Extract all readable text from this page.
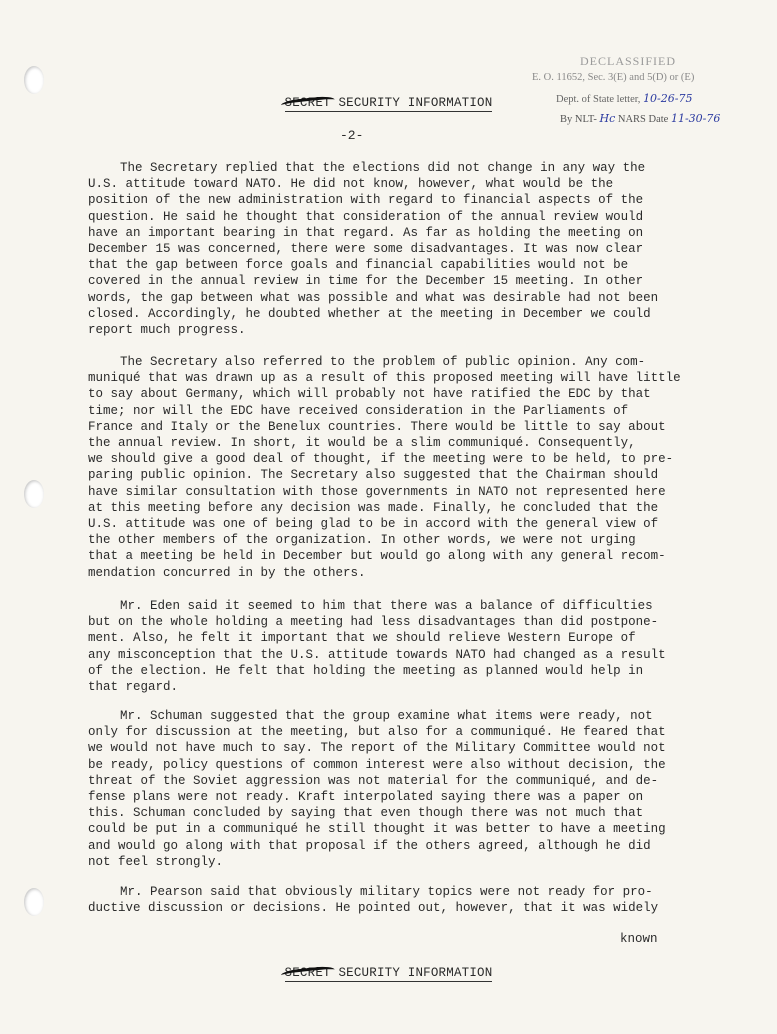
DECLASSIFIED
E. O. 11652, Sec. 3(E) and 5(D) or (E)
Dept. of State letter, 10-26-75
By NLT- Hc NARS Date 11-30-76
SECRET SECURITY INFORMATION
-2-
The Secretary replied that the elections did not change in any way the
U.S. attitude toward NATO. He did not know, however, what would be the
position of the new administration with regard to financial aspects of the
question. He said he thought that consideration of the annual review would
have an important bearing in that regard. As far as holding the meeting on
December 15 was concerned, there were some disadvantages. It was now clear
that the gap between force goals and financial capabilities would not be
covered in the annual review in time for the December 15 meeting. In other
words, the gap between what was possible and what was desirable had not been
closed. Accordingly, he doubted whether at the meeting in December we could
report much progress.
The Secretary also referred to the problem of public opinion. Any com-
muniqué that was drawn up as a result of this proposed meeting will have little
to say about Germany, which will probably not have ratified the EDC by that
time; nor will the EDC have received consideration in the Parliaments of
France and Italy or the Benelux countries. There would be little to say about
the annual review. In short, it would be a slim communiqué. Consequently,
we should give a good deal of thought, if the meeting were to be held, to pre-
paring public opinion. The Secretary also suggested that the Chairman should
have similar consultation with those governments in NATO not represented here
at this meeting before any decision was made. Finally, he concluded that the
U.S. attitude was one of being glad to be in accord with the general view of
the other members of the organization. In other words, we were not urging
that a meeting be held in December but would go along with any general recom-
mendation concurred in by the others.
Mr. Eden said it seemed to him that there was a balance of difficulties
but on the whole holding a meeting had less disadvantages than did postpone-
ment. Also, he felt it important that we should relieve Western Europe of
any misconception that the U.S. attitude towards NATO had changed as a result
of the election. He felt that holding the meeting as planned would help in
that regard.
Mr. Schuman suggested that the group examine what items were ready, not
only for discussion at the meeting, but also for a communiqué. He feared that
we would not have much to say. The report of the Military Committee would not
be ready, policy questions of common interest were also without decision, the
threat of the Soviet aggression was not material for the communiqué, and de-
fense plans were not ready. Kraft interpolated saying there was a paper on
this. Schuman concluded by saying that even though there was not much that
could be put in a communiqué he still thought it was better to have a meeting
and would go along with that proposal if the others agreed, although he did
not feel strongly.
Mr. Pearson said that obviously military topics were not ready for pro-
ductive discussion or decisions. He pointed out, however, that it was widely
known
SECRET SECURITY INFORMATION
